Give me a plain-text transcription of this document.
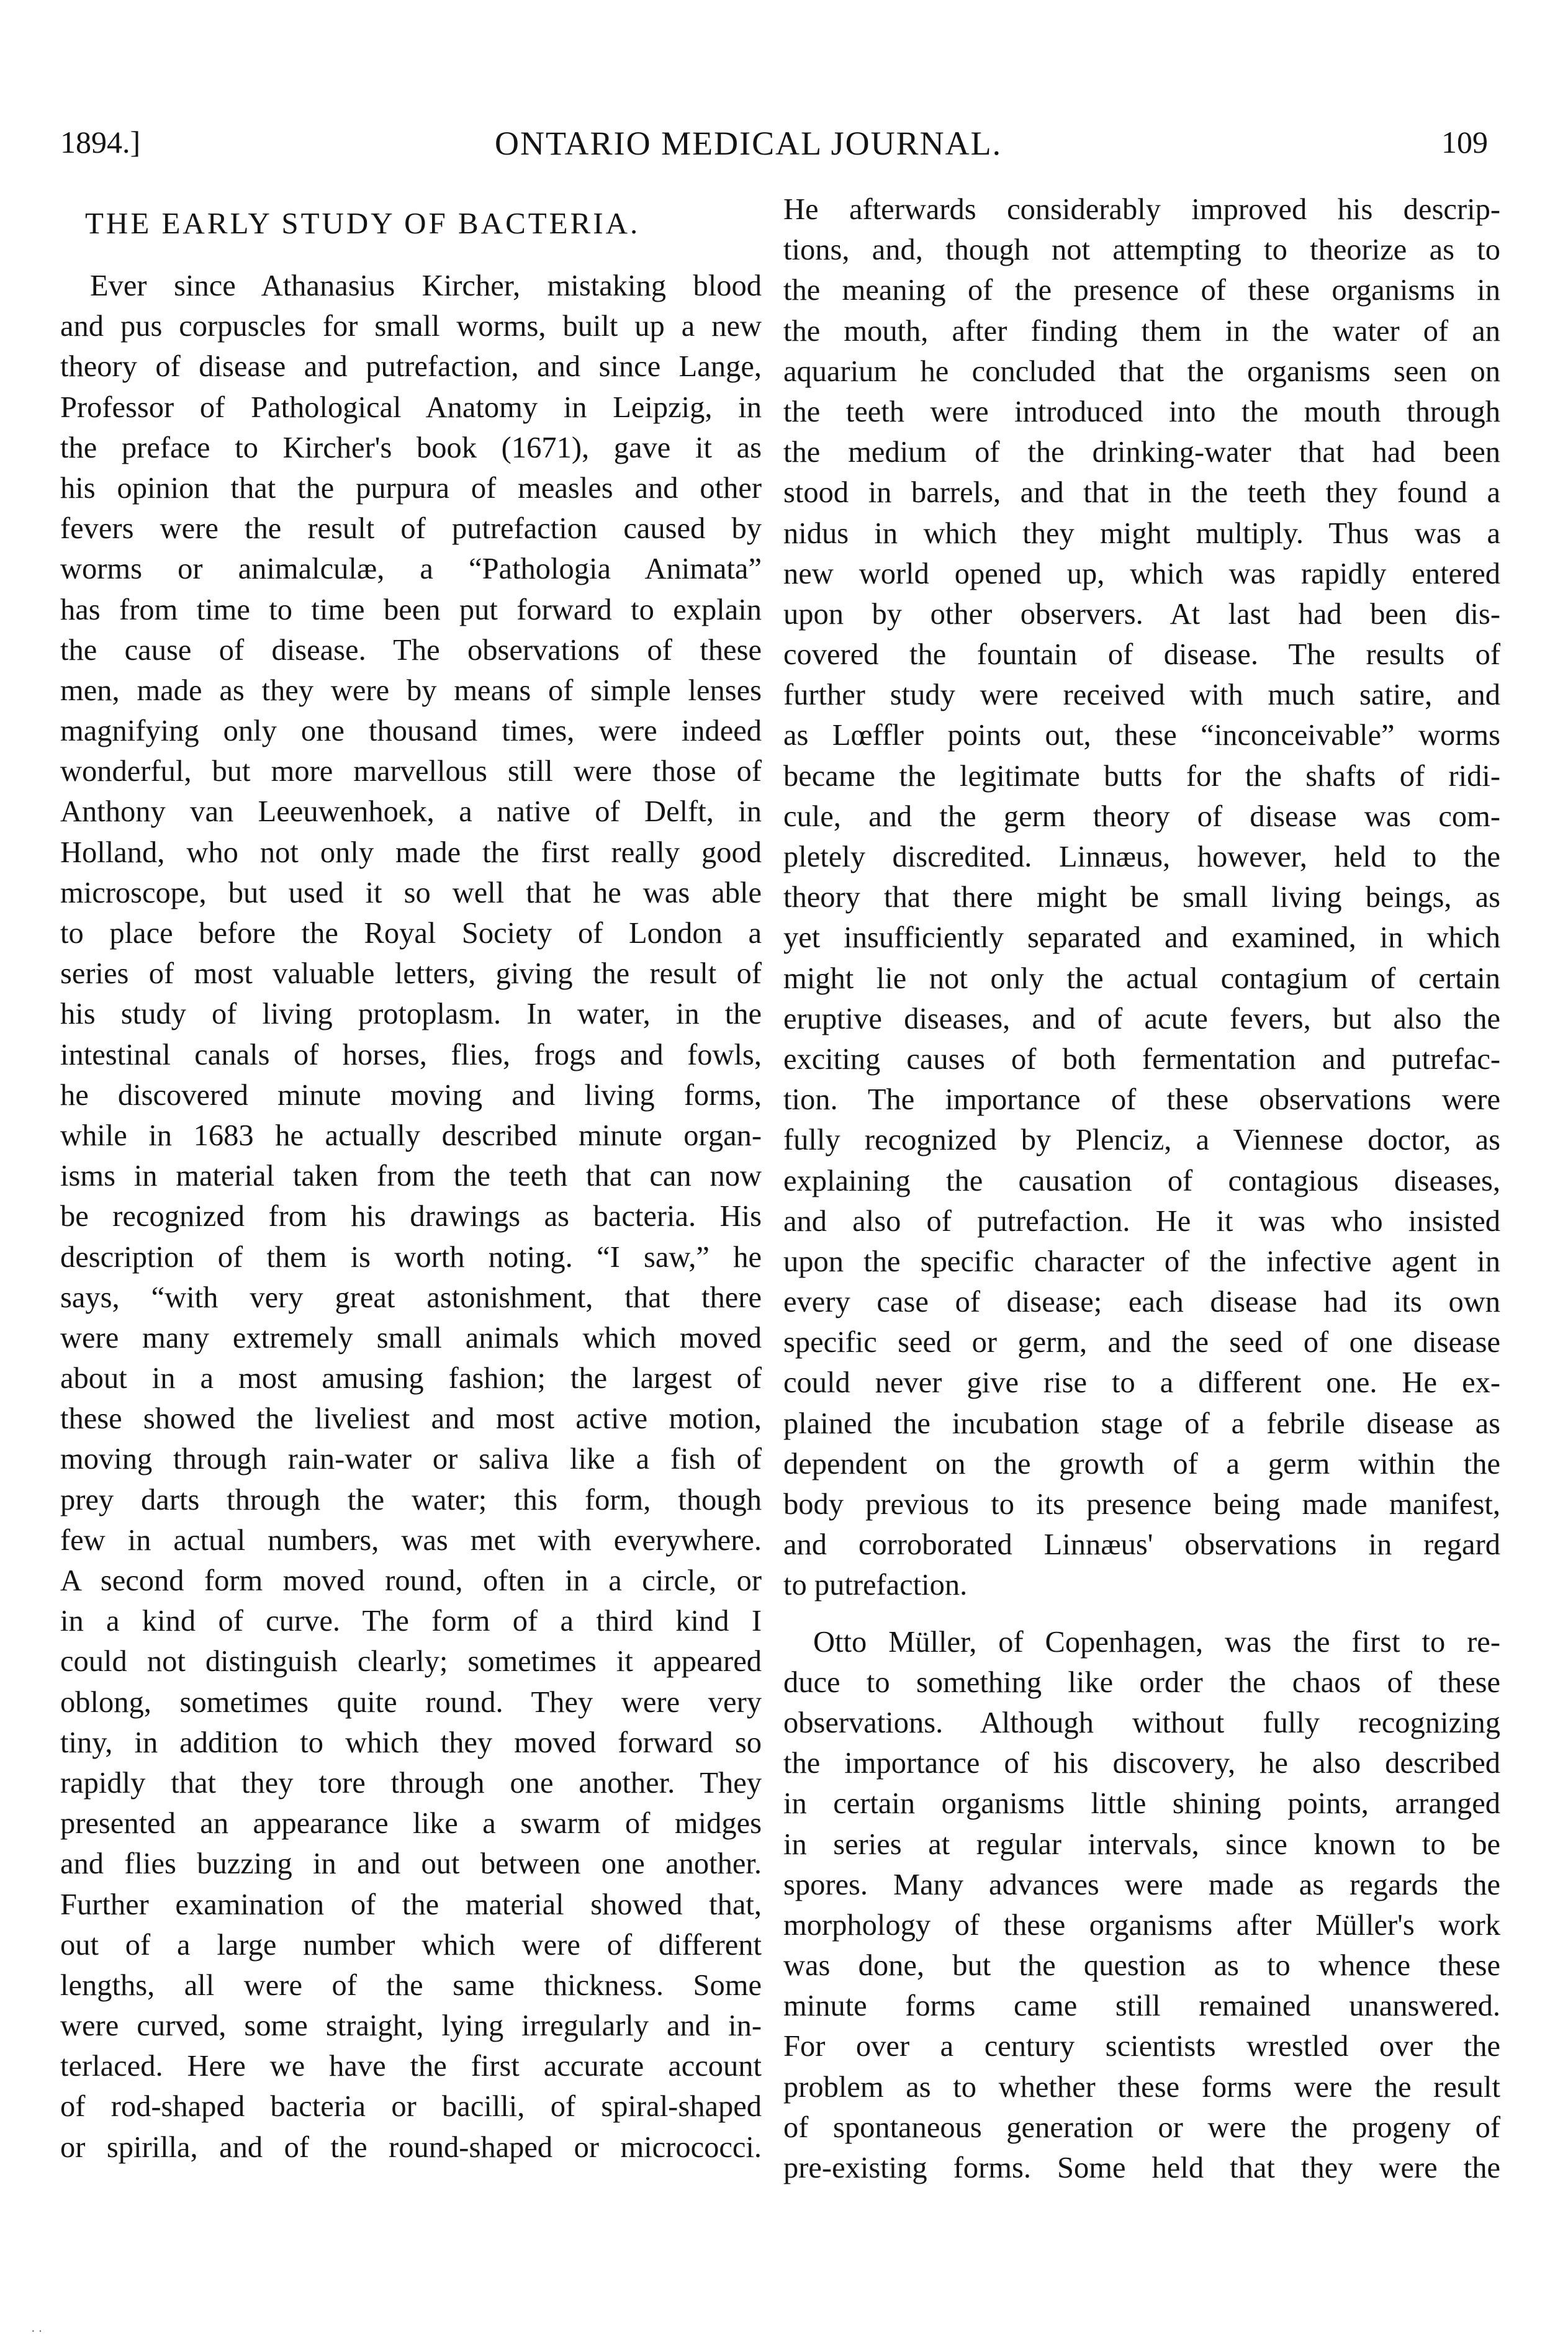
1894.]	ONTARIO MEDICAL JOURNAL.	109
THE EARLY STUDY OF BACTERIA.
Ever since Athanasius Kircher, mistaking blood
and pus corpuscles for small worms, built up a new
theory of disease and putrefaction, and since Lange,
Professor of Pathological Anatomy in Leipzig, in
the preface to Kircher's book (1671), gave it as
his opinion that the purpura of measles and other
fevers were the result of putrefaction caused by
worms or animalculæ, a “Pathologia Animata”
has from time to time been put forward to explain
the cause of disease. The observations of these
men, made as they were by means of simple lenses
magnifying only one thousand times, were indeed
wonderful, but more marvellous still were those of
Anthony van Leeuwenhoek, a native of Delft, in
Holland, who not only made the first really good
microscope, but used it so well that he was able
to place before the Royal Society of London a
series of most valuable letters, giving the result of
his study of living protoplasm. In water, in the
intestinal canals of horses, flies, frogs and fowls,
he discovered minute moving and living forms,
while in 1683 he actually described minute organ-
isms in material taken from the teeth that can now
be recognized from his drawings as bacteria. His
description of them is worth noting. “I saw,” he
says, “with very great astonishment, that there
were many extremely small animals which moved
about in a most amusing fashion; the largest of
these showed the liveliest and most active motion,
moving through rain-water or saliva like a fish of
prey darts through the water; this form, though
few in actual numbers, was met with everywhere.
A second form moved round, often in a circle, or
in a kind of curve. The form of a third kind I
could not distinguish clearly; sometimes it appeared
oblong, sometimes quite round. They were very
tiny, in addition to which they moved forward so
rapidly that they tore through one another. They
presented an appearance like a swarm of midges
and flies buzzing in and out between one another.
Further examination of the material showed that,
out of a large number which were of different
lengths, all were of the same thickness. Some
were curved, some straight, lying irregularly and in-
terlaced. Here we have the first accurate account
of rod-shaped bacteria or bacilli, of spiral-shaped
or spirilla, and of the round-shaped or micrococci.
He afterwards considerably improved his descrip-
tions, and, though not attempting to theorize as to
the meaning of the presence of these organisms in
the mouth, after finding them in the water of an
aquarium he concluded that the organisms seen on
the teeth were introduced into the mouth through
the medium of the drinking-water that had been
stood in barrels, and that in the teeth they found a
nidus in which they might multiply. Thus was a
new world opened up, which was rapidly entered
upon by other observers. At last had been dis-
covered the fountain of disease. The results of
further study were received with much satire, and
as Lœffler points out, these “inconceivable” worms
became the legitimate butts for the shafts of ridi-
cule, and the germ theory of disease was com-
pletely discredited. Linnæus, however, held to the
theory that there might be small living beings, as
yet insufficiently separated and examined, in which
might lie not only the actual contagium of certain
eruptive diseases, and of acute fevers, but also the
exciting causes of both fermentation and putrefac-
tion. The importance of these observations were
fully recognized by Plenciz, a Viennese doctor, as
explaining the causation of contagious diseases,
and also of putrefaction. He it was who insisted
upon the specific character of the infective agent in
every case of disease; each disease had its own
specific seed or germ, and the seed of one disease
could never give rise to a different one. He ex-
plained the incubation stage of a febrile disease as
dependent on the growth of a germ within the
body previous to its presence being made manifest,
and corroborated Linnæus' observations in regard
to putrefaction.
Otto Müller, of Copenhagen, was the first to re-
duce to something like order the chaos of these
observations. Although without fully recognizing
the importance of his discovery, he also described
in certain organisms little shining points, arranged
in series at regular intervals, since known to be
spores. Many advances were made as regards the
morphology of these organisms after Müller's work
was done, but the question as to whence these
minute forms came still remained unanswered.
For over a century scientists wrestled over the
problem as to whether these forms were the result
of spontaneous generation or were the progeny of
pre-existing forms. Some held that they were the
· ·
